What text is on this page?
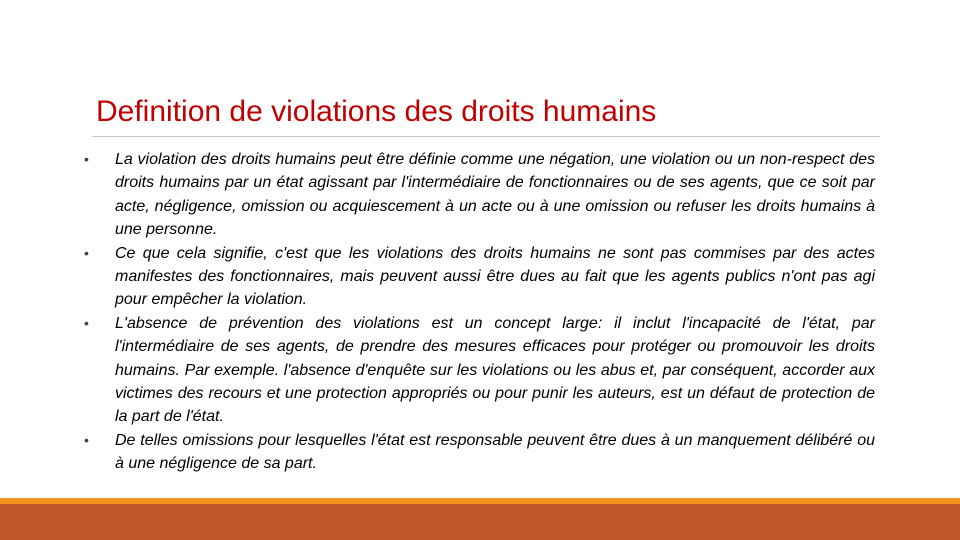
Definition de violations des droits humains
•	La violation des droits humains peut être définie comme une négation, une violation ou un non-respect des droits humains par un état agissant par l'intermédiaire de fonctionnaires ou de ses agents, que ce soit par acte, négligence, omission ou acquiescement à un acte ou à une omission ou refuser les droits humains à une personne.
•	Ce que cela signifie, c'est que les violations des droits humains ne sont pas commises par des actes manifestes des fonctionnaires, mais peuvent aussi être dues au fait que les agents publics n'ont pas agi pour empêcher la violation.
•	L'absence de prévention des violations est un concept large: il inclut l'incapacité de l'état, par l'intermédiaire de ses agents, de prendre des mesures efficaces pour protéger ou promouvoir les droits humains. Par exemple. l'absence d'enquête sur les violations ou les abus et, par conséquent, accorder aux victimes des recours et une protection appropriés ou pour punir les auteurs, est un défaut de protection de la part de l'état.
•	De telles omissions pour lesquelles l'état est responsable peuvent être dues à un manquement délibéré ou à une négligence de sa part.
